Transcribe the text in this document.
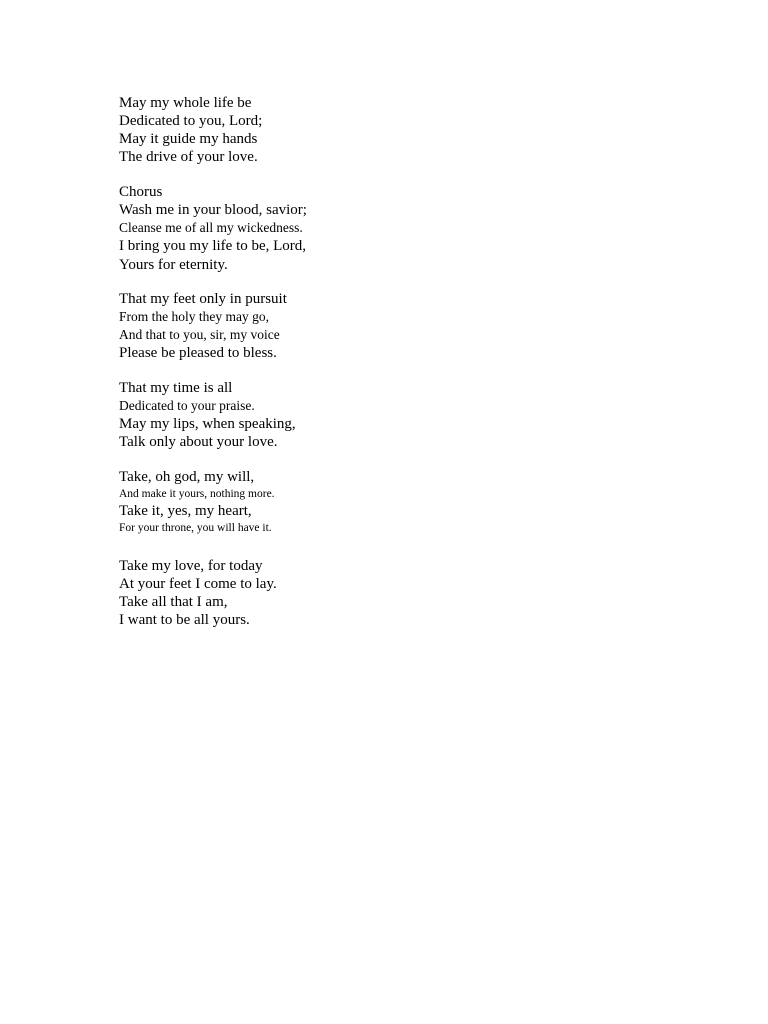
May my whole life be
Dedicated to you, Lord;
May it guide my hands
The drive of your love.
Chorus
Wash me in your blood, savior;
Cleanse me of all my wickedness.
I bring you my life to be, Lord,
Yours for eternity.
That my feet only in pursuit
From the holy they may go,
And that to you, sir, my voice
Please be pleased to bless.
That my time is all
Dedicated to your praise.
May my lips, when speaking,
Talk only about your love.
Take, oh god, my will,
And make it yours, nothing more.
Take it, yes, my heart,
For your throne, you will have it.
Take my love, for today
At your feet I come to lay.
Take all that I am,
I want to be all yours.
